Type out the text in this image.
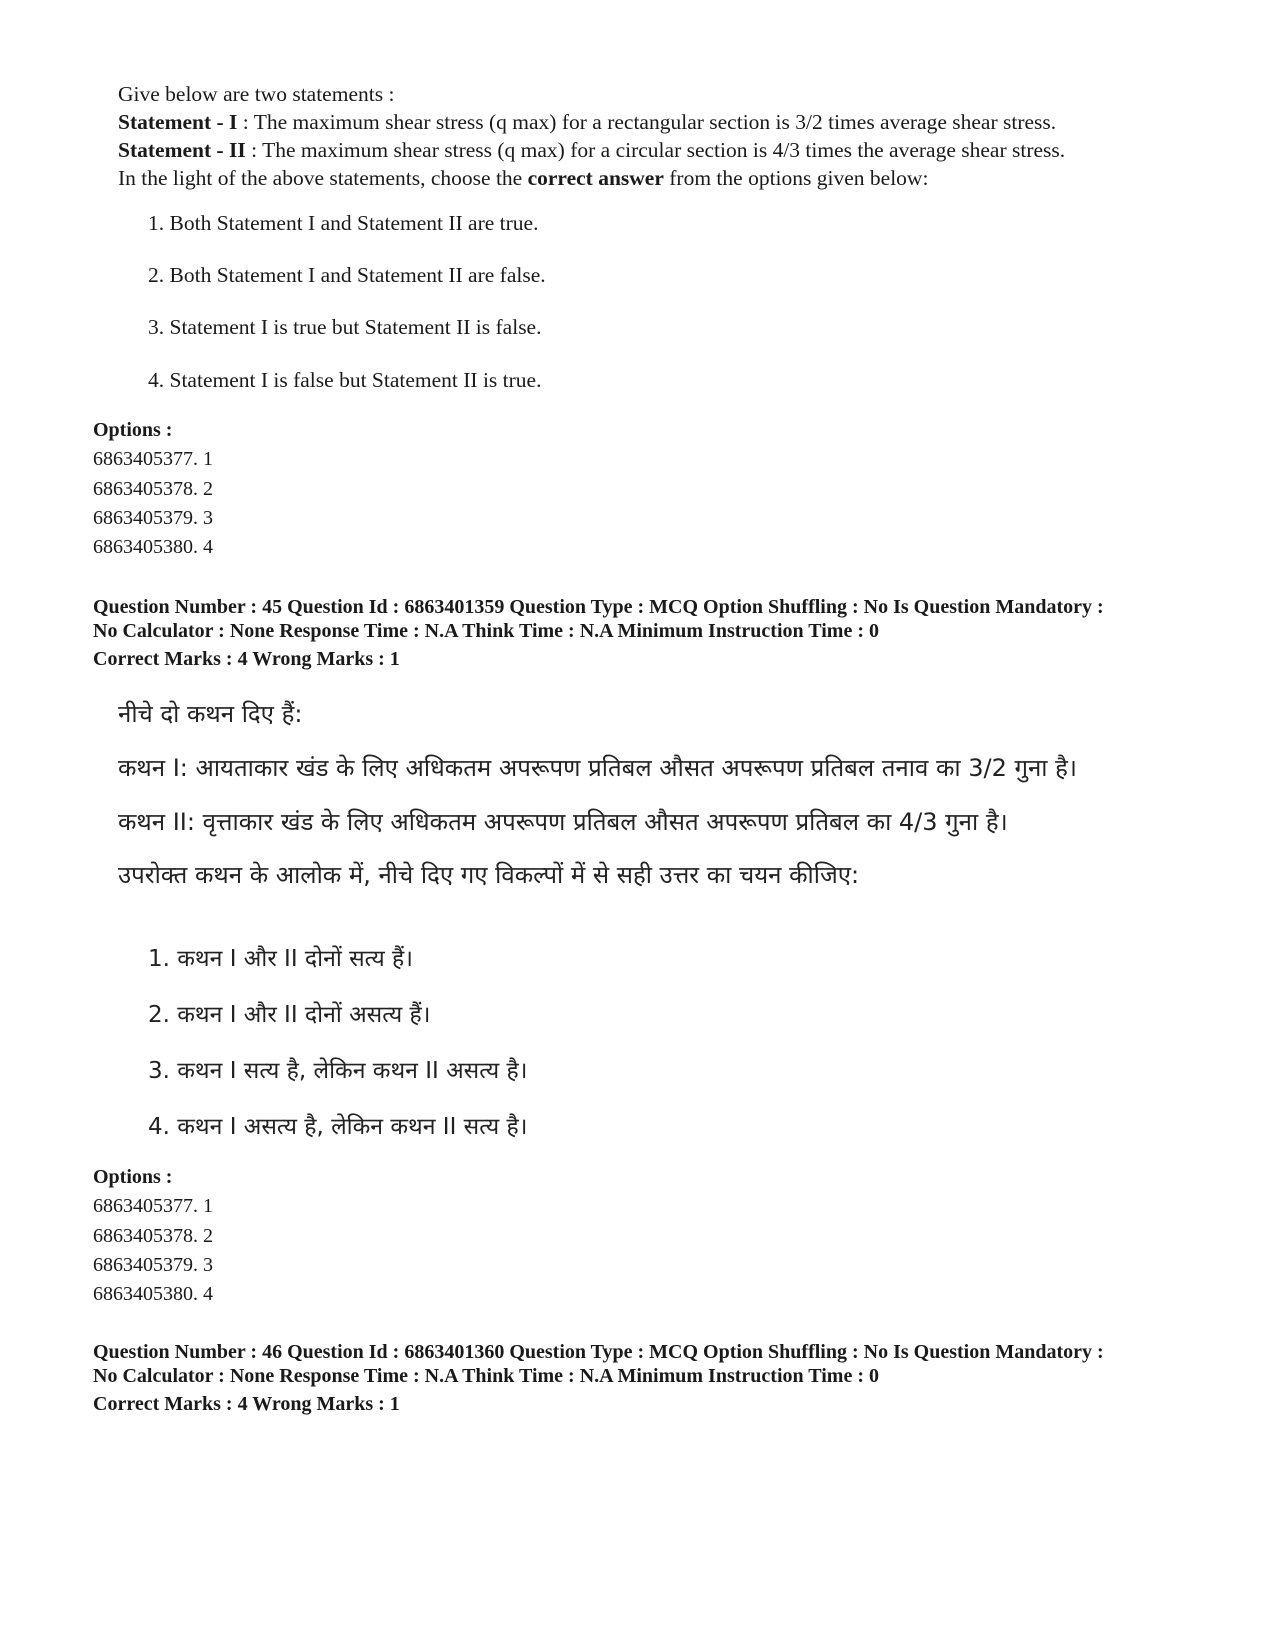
Give below are two statements :

Statement - I : The maximum shear stress (q max) for a rectangular section is 3/2 times average shear stress.

Statement - II : The maximum shear stress (q max) for a circular section is 4/3 times the average shear stress.

In the light of the above statements, choose the correct answer from the options given below:

1. Both Statement I and Statement II are true.
2. Both Statement I and Statement II are false.
3. Statement I is true but Statement II is false.
4. Statement I is false but Statement II is true.
Options :
6863405377. 1
6863405378. 2
6863405379. 3
6863405380. 4
Question Number : 45 Question Id : 6863401359 Question Type : MCQ Option Shuffling : No Is Question Mandatory :
No Calculator : None Response Time : N.A Think Time : N.A Minimum Instruction Time : 0
Correct Marks : 4 Wrong Marks : 1
नीचे दो कथन दिए हैं:
कथन I: आयताकार खंड के लिए अधिकतम अपरूपण प्रतिबल औसत अपरूपण प्रतिबल तनाव का 3/2 गुना है।
कथन II: वृत्ताकार खंड के लिए अधिकतम अपरूपण प्रतिबल औसत अपरूपण प्रतिबल का 4/3 गुना है।
उपरोक्त कथन के आलोक में, नीचे दिए गए विकल्पों में से सही उत्तर का चयन कीजिए:
1. कथन I और II दोनों सत्य हैं।
2. कथन I और II दोनों असत्य हैं।
3. कथन I सत्य है, लेकिन कथन II असत्य है।
4. कथन I असत्य है, लेकिन कथन II सत्य है।
Options :
6863405377. 1
6863405378. 2
6863405379. 3
6863405380. 4
Question Number : 46 Question Id : 6863401360 Question Type : MCQ Option Shuffling : No Is Question Mandatory :
No Calculator : None Response Time : N.A Think Time : N.A Minimum Instruction Time : 0
Correct Marks : 4 Wrong Marks : 1
